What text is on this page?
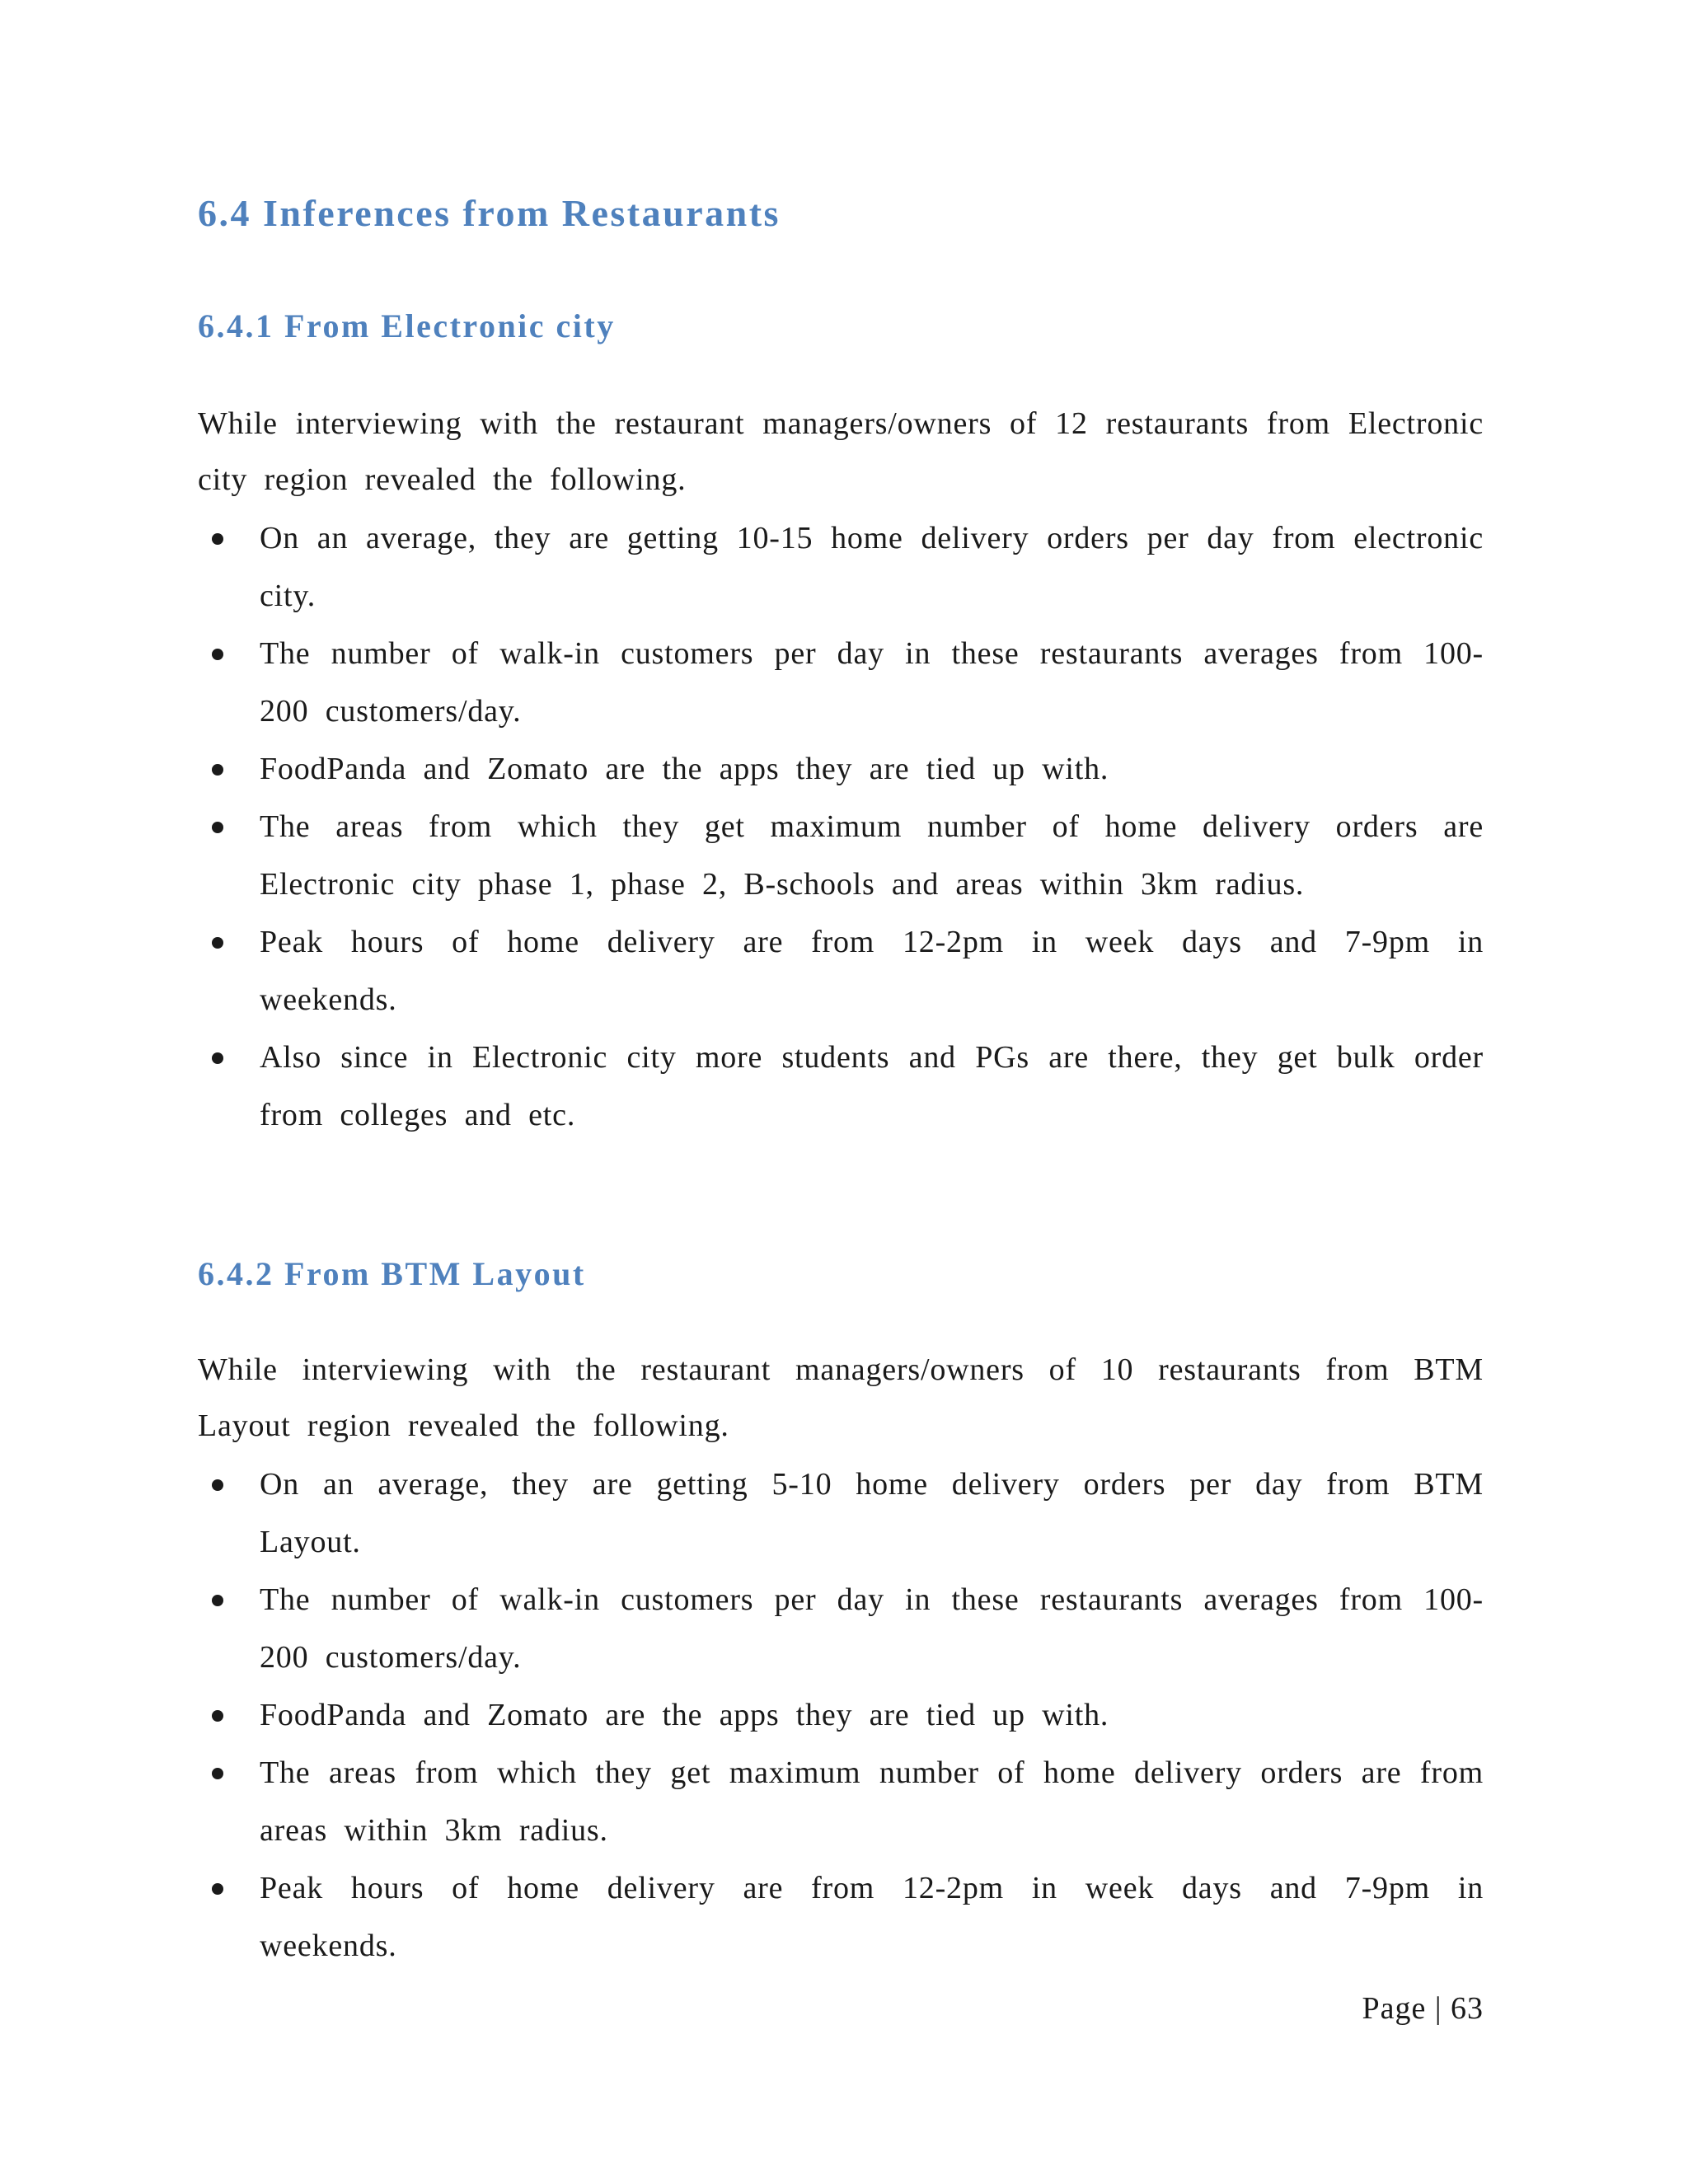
6.4 Inferences from Restaurants
6.4.1 From Electronic city

While interviewing with the restaurant managers/owners of 12 restaurants from Electronic city region revealed the following.

On an average, they are getting 10-15 home delivery orders per day from electronic city.
The number of walk-in customers per day in these restaurants averages from 100-200 customers/day.
FoodPanda and Zomato are the apps they are tied up with.
The areas from which they get maximum number of home delivery orders are Electronic city phase 1, phase 2, B-schools and areas within 3km radius.
Peak hours of home delivery are from 12-2pm in week days and 7-9pm in weekends.
Also since in Electronic city more students and PGs are there, they get bulk order from colleges and etc.
6.4.2 From BTM Layout

While interviewing with the restaurant managers/owners of 10 restaurants from BTM Layout region revealed the following.

On an average, they are getting 5-10 home delivery orders per day from BTM Layout.
The number of walk-in customers per day in these restaurants averages from 100-200 customers/day.
FoodPanda and Zomato are the apps they are tied up with.
The areas from which they get maximum number of home delivery orders are from areas within 3km radius.
Peak hours of home delivery are from 12-2pm in week days and 7-9pm in weekends.
Page | 63
